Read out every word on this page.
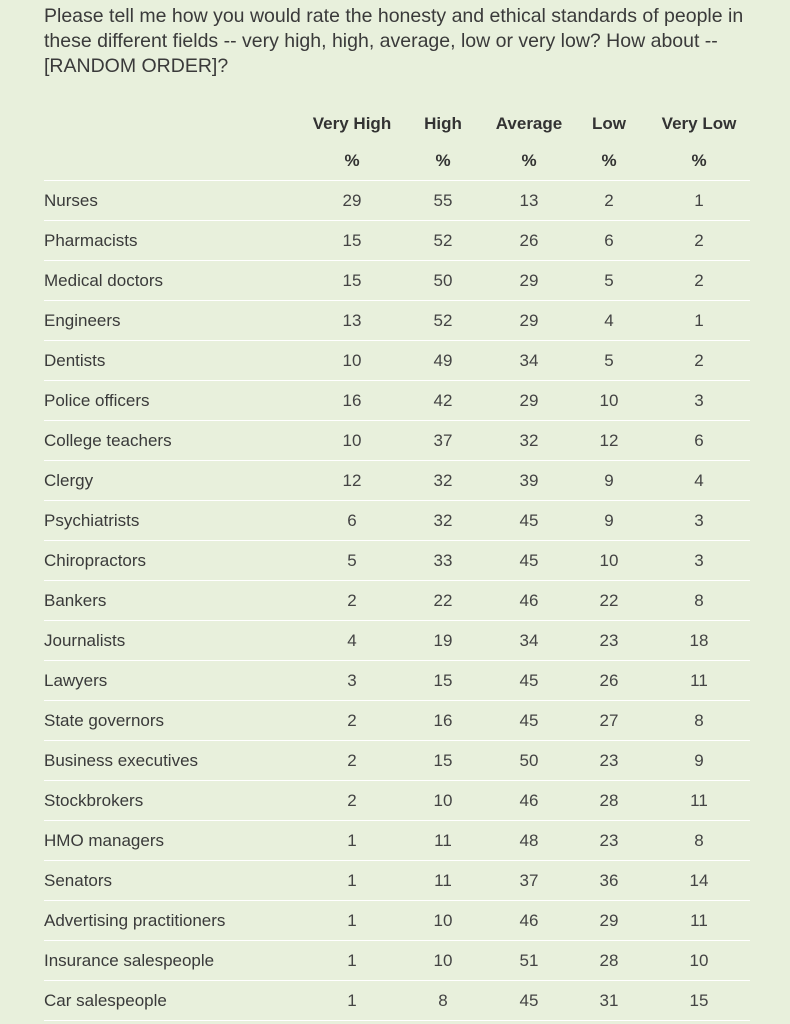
Please tell me how you would rate the honesty and ethical standards of people in these different fields -- very high, high, average, low or very low? How about -- [RANDOM ORDER]?

Very High	High	Average	Low	Very Low
%	%	%	%	%
Nurses	29	55	13	2	1
Pharmacists	15	52	26	6	2
Medical doctors	15	50	29	5	2
Engineers	13	52	29	4	1
Dentists	10	49	34	5	2
Police officers	16	42	29	10	3
College teachers	10	37	32	12	6
Clergy	12	32	39	9	4
Psychiatrists	6	32	45	9	3
Chiropractors	5	33	45	10	3
Bankers	2	22	46	22	8
Journalists	4	19	34	23	18
Lawyers	3	15	45	26	11
State governors	2	16	45	27	8
Business executives	2	15	50	23	9
Stockbrokers	2	10	46	28	11
HMO managers	1	11	48	23	8
Senators	1	11	37	36	14
Advertising practitioners	1	10	46	29	11
Insurance salespeople	1	10	51	28	10
Car salespeople	1	8	45	31	15
